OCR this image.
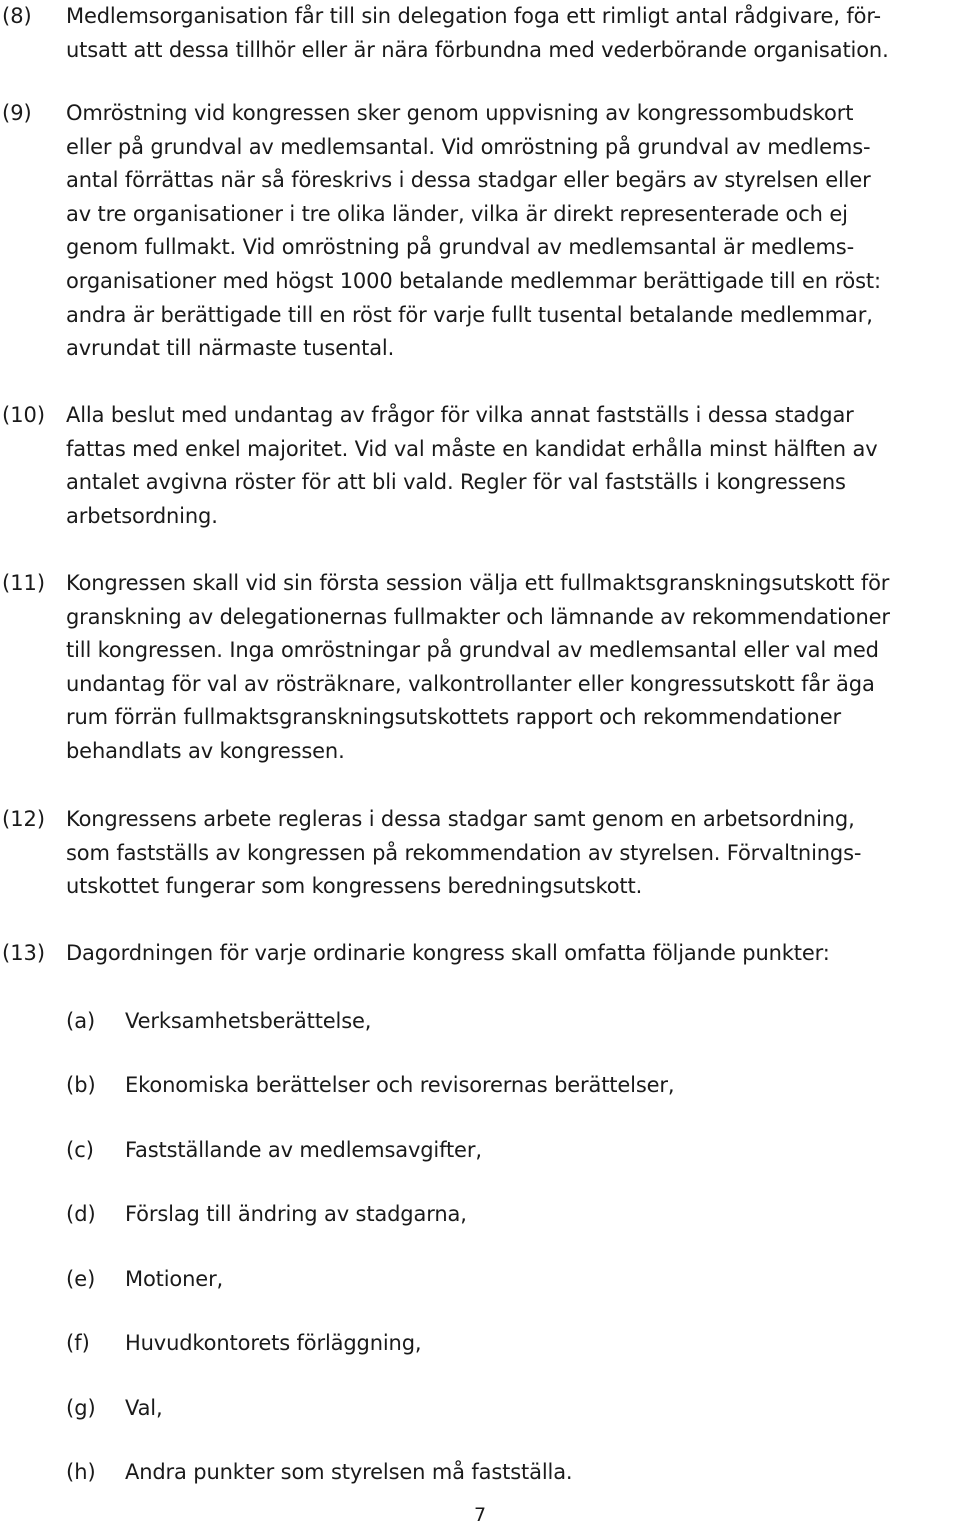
(8) Medlemsorganisation får till sin delegation foga ett rimligt antal rådgivare, för-
utsatt att dessa tillhör eller är nära förbundna med vederbörande organisation.
(9) Omröstning vid kongressen sker genom uppvisning av kongressombudskort
eller på grundval av medlemsantal. Vid omröstning på grundval av medlems-
antal förrättas när så föreskrivs i dessa stadgar eller begärs av styrelsen eller
av tre organisationer i tre olika länder, vilka är direkt representerade och ej
genom fullmakt. Vid omröstning på grundval av medlemsantal är medlems-
organisationer med högst 1000 betalande medlemmar berättigade till en röst:
andra är berättigade till en röst för varje fullt tusental betalande medlemmar,
avrundat till närmaste tusental.
(10) Alla beslut med undantag av frågor för vilka annat fastställs i dessa stadgar
fattas med enkel majoritet. Vid val måste en kandidat erhålla minst hälften av
antalet avgivna röster för att bli vald. Regler för val fastställs i kongressens
arbetsordning.
(11) Kongressen skall vid sin första session välja ett fullmaktsgranskningsutskott för
granskning av delegationernas fullmakter och lämnande av rekommendationer
till kongressen. Inga omröstningar på grundval av medlemsantal eller val med
undantag för val av rösträknare, valkontrollanter eller kongressutskott får äga
rum förrän fullmaktsgranskningsutskottets rapport och rekommendationer
behandlats av kongressen.
(12) Kongressens arbete regleras i dessa stadgar samt genom en arbetsordning,
som fastställs av kongressen på rekommendation av styrelsen. Förvaltnings-
utskottet fungerar som kongressens beredningsutskott.
(13) Dagordningen för varje ordinarie kongress skall omfatta följande punkter:
(a) Verksamhetsberättelse,
(b) Ekonomiska berättelser och revisorernas berättelser,
(c) Fastställande av medlemsavgifter,
(d) Förslag till ändring av stadgarna,
(e) Motioner,
(f) Huvudkontorets förläggning,
(g) Val,
(h) Andra punkter som styrelsen må fastställa.
7
